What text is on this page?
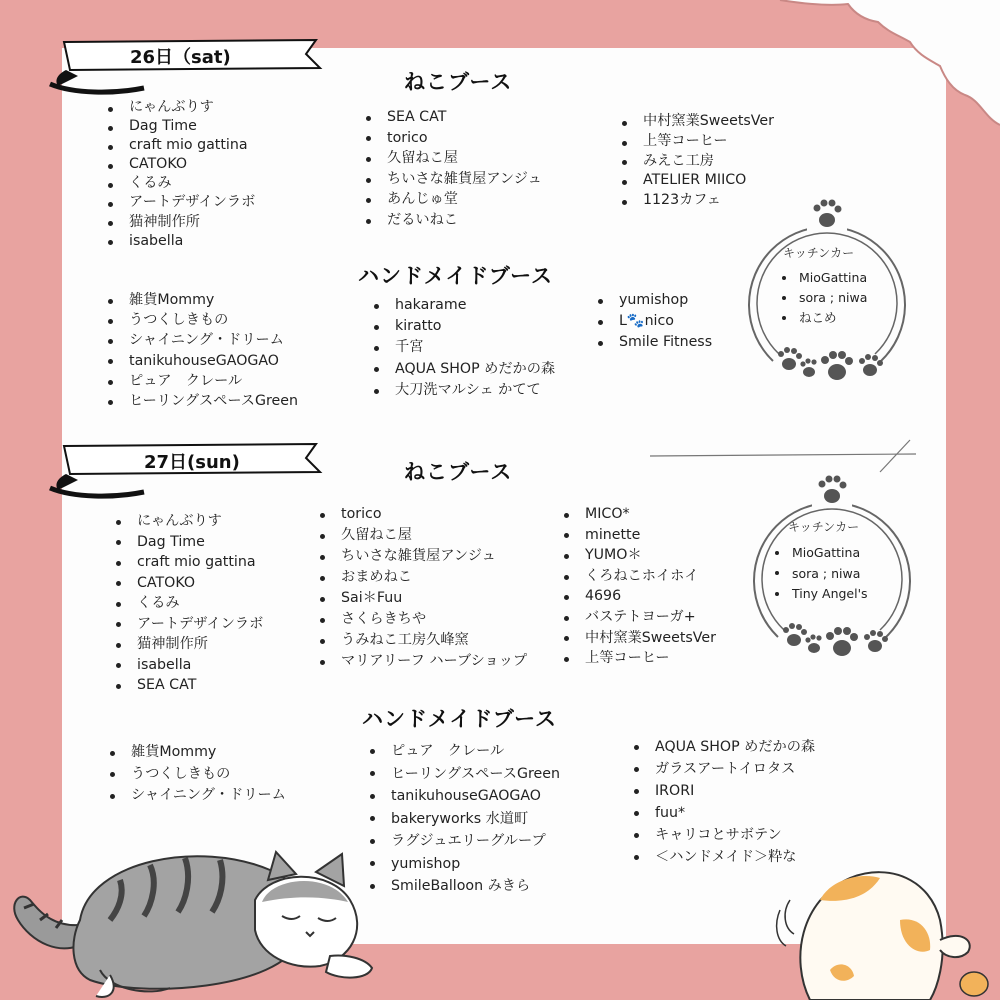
26日（sat)
ねこブース
にゃんぶりす
Dag Time
craft mio gattina
CATOKO
くるみ
アートデザインラボ
猫神制作所
isabella
SEA CAT
torico
久留ねこ屋
ちいさな雑貨屋アンジュ
あんじゅ堂
だるいねこ
中村窯業SweetsVer
上等コーヒー
みえこ工房
ATELIER MIICO
1123カフェ
ハンドメイドブース
雑貨Mommy
うつくしきもの
シャイニング・ドリーム
tanikuhouseGAOGAO
ピュア　クレール
ヒーリングスペースGreen
hakarame
kiratto
千宮
AQUA SHOP めだかの森
大刀洗マルシェ かてて
yumishop
L🐾nico
Smile Fitness
キッチンカー
MioGattina
sora ; niwa
ねこめ
27日(sun)	ねこブース
にゃんぶりす
Dag Time
craft mio gattina
CATOKO
くるみ
アートデザインラボ
猫神制作所
isabella
SEA CAT
torico
久留ねこ屋
ちいさな雑貨屋アンジュ
おまめねこ
Sai＊Fuu
さくらきちや
うみねこ工房久峰窯
マリアリーフ ハーブショップ
MICO*
minette
YUMO＊
くろねこホイホイ
4696
バステトヨーガ+
中村窯業SweetsVer
上等コーヒー
ハンドメイドブース
雑貨Mommy
うつくしきもの
シャイニング・ドリーム
ピュア　クレール
ヒーリングスペースGreen
tanikuhouseGAOGAO
bakeryworks 水道町
ラグジュエリーグループ
yumishop
SmileBalloon みきら
AQUA SHOP めだかの森
ガラスアートイロタス
IRORI
fuu*
キャリコとサボテン
＜ハンドメイド＞粋な
キッチンカー
MioGattina
sora ; niwa
Tiny Angel's
